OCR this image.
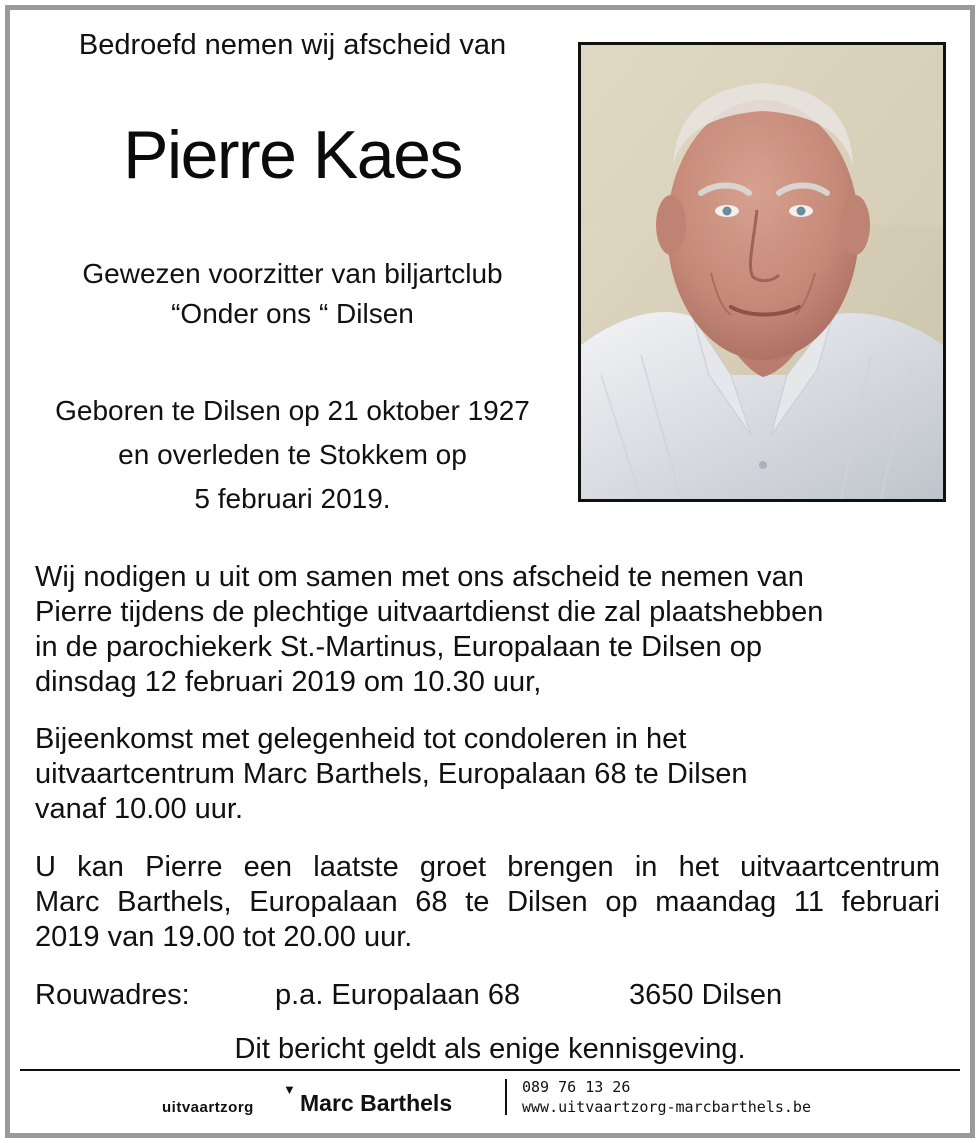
Bedroefd nemen wij afscheid van
Pierre Kaes
Gewezen voorzitter van biljartclub
“Onder ons “ Dilsen
Geboren te Dilsen op 21 oktober 1927
en overleden te Stokkem op
5 februari 2019.
Wij nodigen u uit om samen met ons afscheid te nemen van
Pierre tijdens de plechtige uitvaartdienst die zal plaatshebben
in de parochiekerk St.-Martinus, Europalaan te Dilsen op
dinsdag 12 februari 2019 om 10.30 uur,
Bijeenkomst met gelegenheid tot condoleren in het
uitvaartcentrum Marc Barthels, Europalaan 68 te Dilsen
vanaf 10.00 uur.
U kan Pierre een laatste groet brengen in het uitvaartcentrum
Marc Barthels, Europalaan 68 te Dilsen op maandag 11 februari
2019 van 19.00 tot 20.00 uur.
Rouwadres:	p.a. Europalaan 68	3650 Dilsen
Dit bericht geldt als enige kennisgeving.
uitvaartzorg
▼
Marc Barthels
089 76 13 26
www.uitvaartzorg-marcbarthels.be
